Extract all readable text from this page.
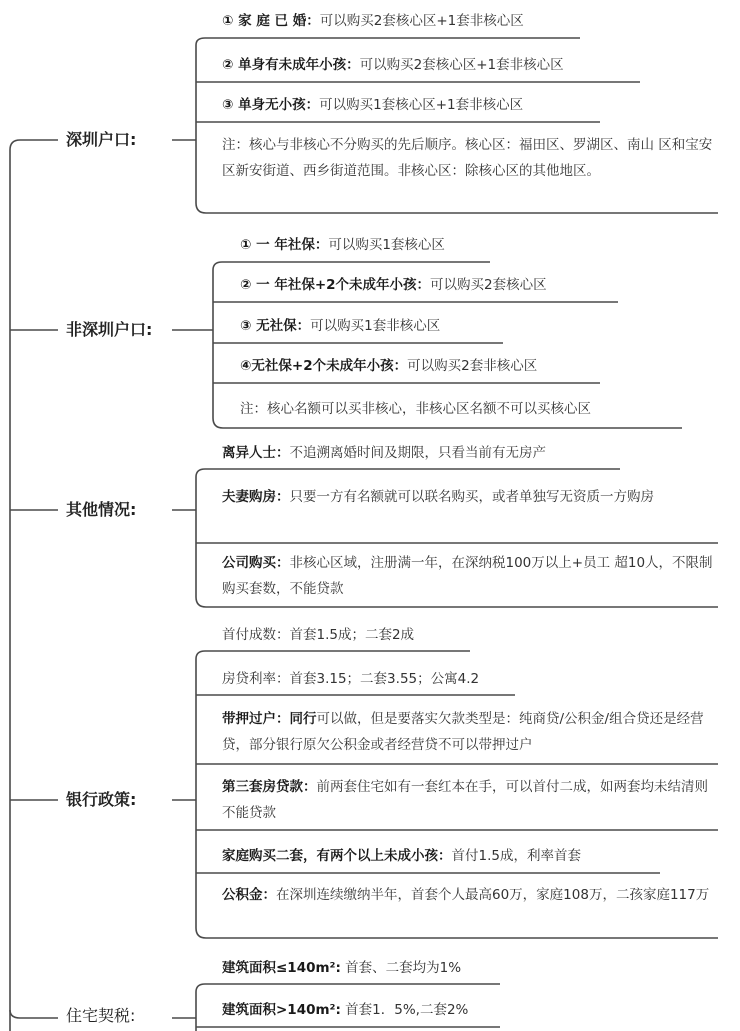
深圳户口:
非深圳户口:
其他情况:
银行政策:
住宅契税:
① 家 庭 已 婚：可以购买2套核心区+1套非核心区
② 单身有未成年小孩：可以购买2套核心区+1套非核心区
③ 单身无小孩：可以购买1套核心区+1套非核心区
注：核心与非核心不分购买的先后顺序。核心区：福田区、罗湖区、南山 区和宝安区新安街道、西乡街道范围。非核心区：除核心区的其他地区。
① 一 年社保：可以购买1套核心区
② 一 年社保+2个未成年小孩：可以购买2套核心区
③ 无社保：可以购买1套非核心区
④无社保+2个未成年小孩：可以购买2套非核心区
注：核心名额可以买非核心，非核心区名额不可以买核心区
离异人士：不追溯离婚时间及期限，只看当前有无房产
夫妻购房：只要一方有名额就可以联名购买，或者单独写无资质一方购房
公司购买：非核心区域，注册满一年，在深纳税100万以上+员工 超10人，不限制购买套数，不能贷款
首付成数：首套1.5成；二套2成
房贷利率：首套3.15；二套3.55；公寓4.2
带押过户：同行可以做，但是要落实欠款类型是：纯商贷/公积金/组合贷还是经营贷，部分银行原欠公积金或者经营贷不可以带押过户
第三套房贷款：前两套住宅如有一套红本在手，可以首付二成，如两套均未结清则不能贷款
家庭购买二套，有两个以上未成小孩：首付1.5成，利率首套
公积金：在深圳连续缴纳半年，首套个人最高60万，家庭108万，二孩家庭117万
建筑面积≤140m²: 首套、二套均为1%
建筑面积>140m²: 首套1．5%,二套2%
